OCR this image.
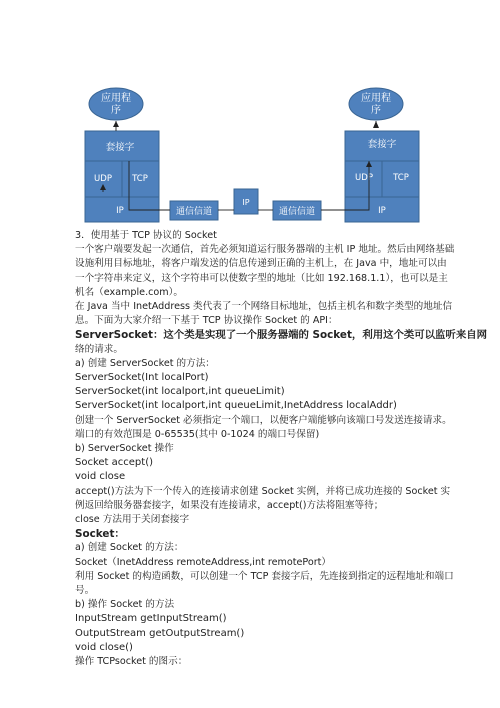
应用程
序
应用程
序
套接字
UDP TCP
IP
套接字
UDP TCP
IP
通信信道
IP
通信信道
3．使用基于 TCP 协议的 Socket
一个客户端要发起一次通信，首先必须知道运行服务器端的主机 IP 地址。然后由网络基础
设施利用目标地址，将客户端发送的信息传递到正确的主机上，在 Java 中，地址可以由
一个字符串来定义，这个字符串可以使数字型的地址（比如 192.168.1.1），也可以是主
机名（example.com）。
在 Java 当中 InetAddress 类代表了一个网络目标地址，包括主机名和数字类型的地址信
息。下面为大家介绍一下基于 TCP 协议操作 Socket 的 API：
ServerSocket：这个类是实现了一个服务器端的 Socket，利用这个类可以监听来自网
络的请求。
a) 创建 ServerSocket 的方法：
ServerSocket(Int localPort)
ServerSocket(int localport,int queueLimit)
ServerSocket(int localport,int queueLimit,InetAddress localAddr)
创建一个 ServerSocket 必须指定一个端口，以便客户端能够向该端口号发送连接请求。
端口的有效范围是 0-65535(其中 0-1024 的端口号保留)
b) ServerSocket 操作
Socket accept()
void close
accept()方法为下一个传入的连接请求创建 Socket 实例，并将已成功连接的 Socket 实
例返回给服务器套接字，如果没有连接请求，accept()方法将阻塞等待；
close 方法用于关闭套接字
Socket：
a) 创建 Socket 的方法：
Socket（InetAddress remoteAddress,int remotePort）
利用 Socket 的构造函数，可以创建一个 TCP 套接字后，先连接到指定的远程地址和端口
号。
b) 操作 Socket 的方法
InputStream getInputStream()
OutputStream getOutputStream()
void close()
操作 TCPsocket 的图示：
